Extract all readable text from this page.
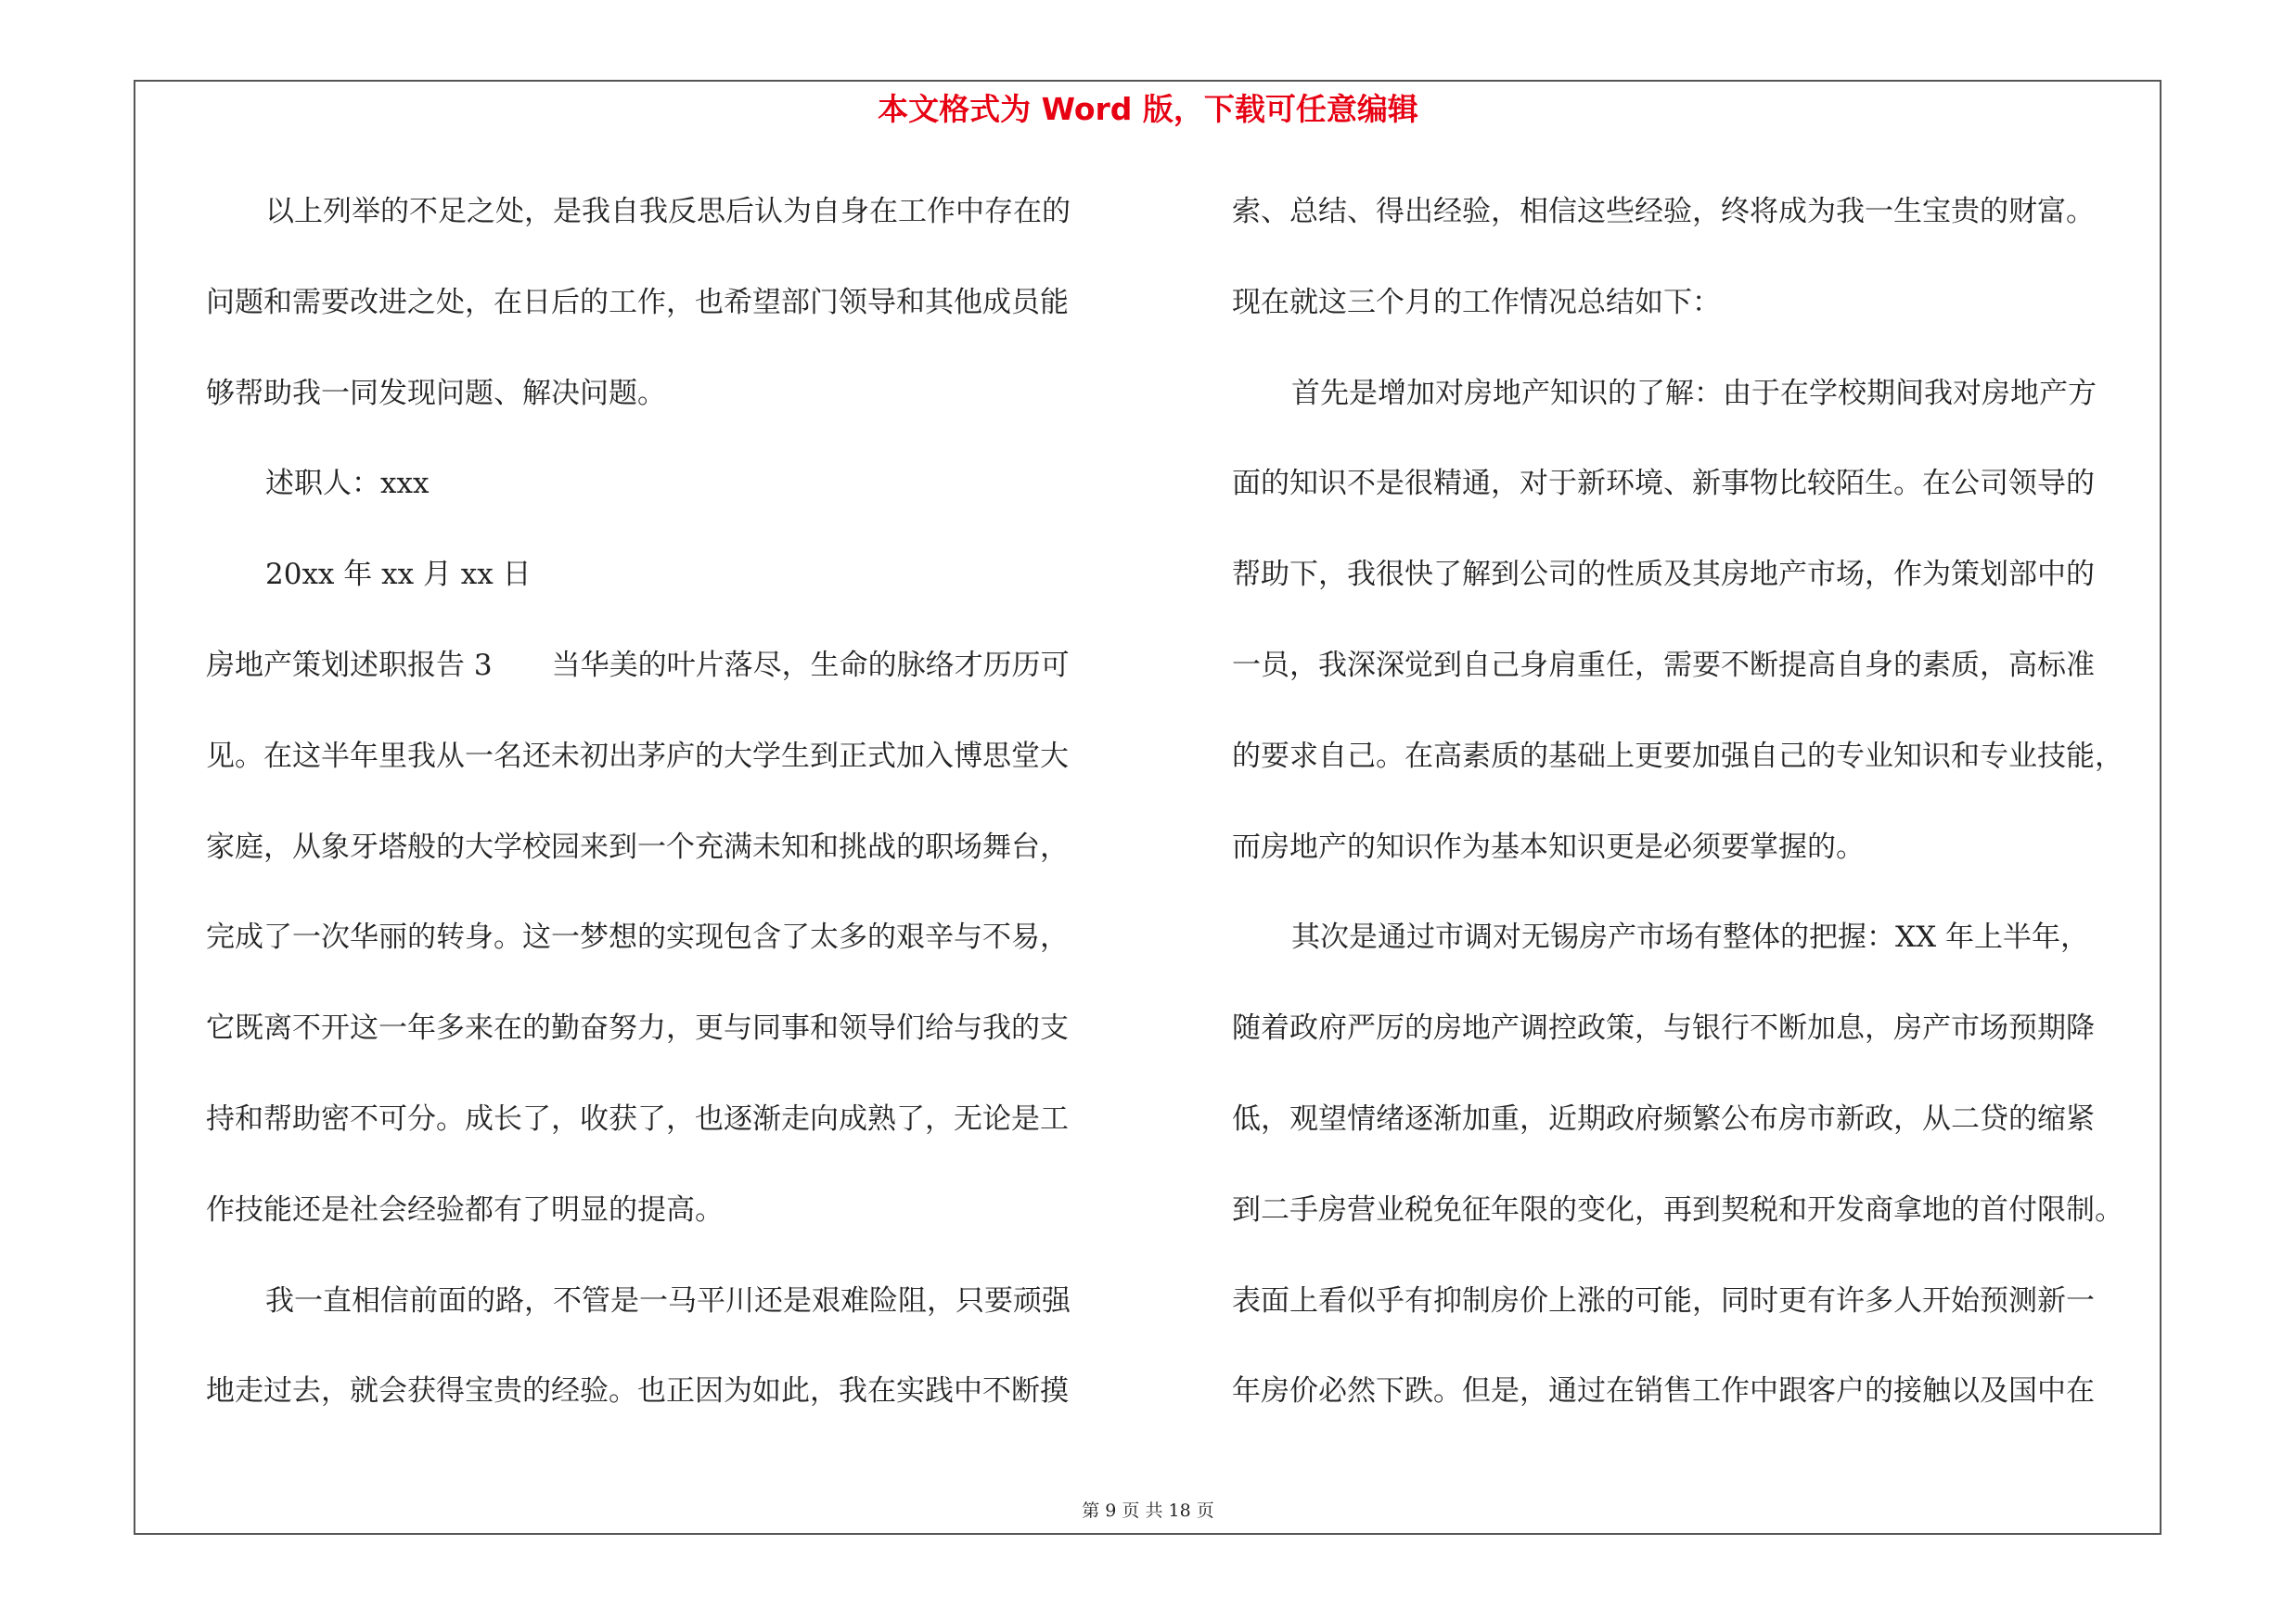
本文格式为 Word 版，下载可任意编辑
以上列举的不足之处，是我自我反思后认为自身在工作中存在的
问题和需要改进之处，在日后的工作，也希望部门领导和其他成员能
够帮助我一同发现问题、解决问题。
述职人：xxx
20xx 年 xx 月 xx 日
房地产策划述职报告 3 当华美的叶片落尽，生命的脉络才历历可
见。在这半年里我从一名还未初出茅庐的大学生到正式加入博思堂大
家庭，从象牙塔般的大学校园来到一个充满未知和挑战的职场舞台，
完成了一次华丽的转身。这一梦想的实现包含了太多的艰辛与不易，
它既离不开这一年多来在的勤奋努力，更与同事和领导们给与我的支
持和帮助密不可分。成长了，收获了，也逐渐走向成熟了，无论是工
作技能还是社会经验都有了明显的提高。
我一直相信前面的路，不管是一马平川还是艰难险阻，只要顽强
地走过去，就会获得宝贵的经验。也正因为如此，我在实践中不断摸
索、总结、得出经验，相信这些经验，终将成为我一生宝贵的财富。
现在就这三个月的工作情况总结如下：
首先是增加对房地产知识的了解：由于在学校期间我对房地产方
面的知识不是很精通，对于新环境、新事物比较陌生。在公司领导的
帮助下，我很快了解到公司的性质及其房地产市场，作为策划部中的
一员，我深深觉到自己身肩重任，需要不断提高自身的素质，高标准
的要求自己。在高素质的基础上更要加强自己的专业知识和专业技能，
而房地产的知识作为基本知识更是必须要掌握的。
其次是通过市调对无锡房产市场有整体的把握：XX 年上半年，
随着政府严厉的房地产调控政策，与银行不断加息，房产市场预期降
低，观望情绪逐渐加重，近期政府频繁公布房市新政，从二贷的缩紧
到二手房营业税免征年限的变化，再到契税和开发商拿地的首付限制。
表面上看似乎有抑制房价上涨的可能，同时更有许多人开始预测新一
年房价必然下跌。但是，通过在销售工作中跟客户的接触以及国中在
第 9 页 共 18 页
